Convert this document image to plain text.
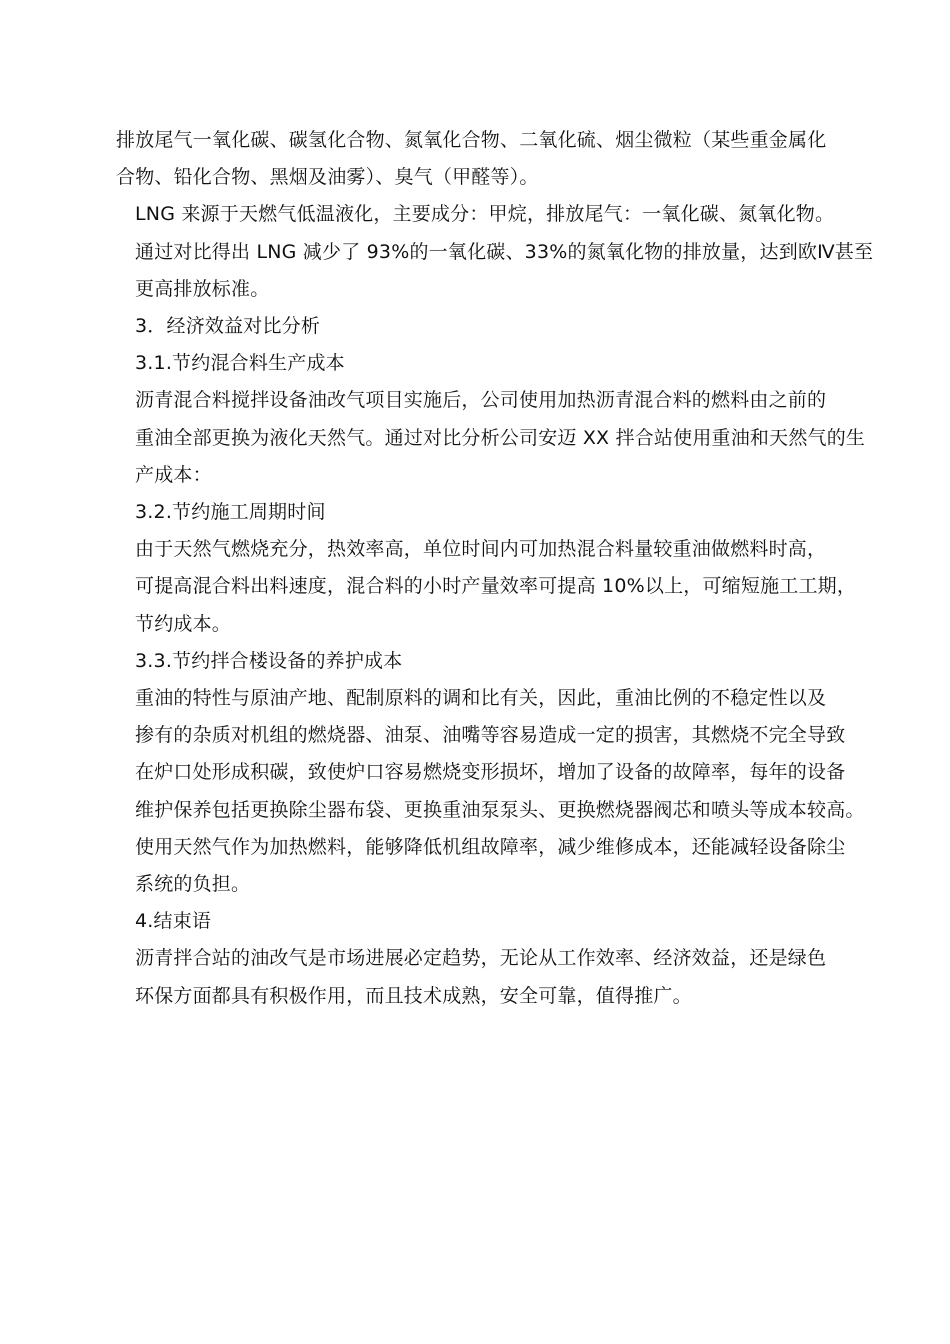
排放尾气一氧化碳、碳氢化合物、氮氧化合物、二氧化硫、烟尘微粒（某些重金属化
合物、铅化合物、黑烟及油雾）、臭气（甲醛等）。

LNG 来源于天燃气低温液化，主要成分：甲烷，排放尾气：一氧化碳、氮氧化物。

通过对比得出 LNG 减少了 93%的一氧化碳、33%的氮氧化物的排放量，达到欧Ⅳ甚至
更高排放标准。

3．经济效益对比分析

3.1.节约混合料生产成本

沥青混合料搅拌设备油改气项目实施后，公司使用加热沥青混合料的燃料由之前的
重油全部更换为液化天然气。通过对比分析公司安迈 XX 拌合站使用重油和天然气的生
产成本：

3.2.节约施工周期时间

由于天然气燃烧充分，热效率高，单位时间内可加热混合料量较重油做燃料时高，
可提高混合料出料速度，混合料的小时产量效率可提高 10%以上，可缩短施工工期，
节约成本。

3.3.节约拌合楼设备的养护成本

重油的特性与原油产地、配制原料的调和比有关，因此，重油比例的不稳定性以及
掺有的杂质对机组的燃烧器、油泵、油嘴等容易造成一定的损害，其燃烧不完全导致
在炉口处形成积碳，致使炉口容易燃烧变形损坏，增加了设备的故障率，每年的设备
维护保养包括更换除尘器布袋、更换重油泵泵头、更换燃烧器阀芯和喷头等成本较高。
使用天然气作为加热燃料，能够降低机组故障率，减少维修成本，还能减轻设备除尘
系统的负担。

4.结束语

沥青拌合站的油改气是市场进展必定趋势，无论从工作效率、经济效益，还是绿色
环保方面都具有积极作用，而且技术成熟，安全可靠，值得推广。
